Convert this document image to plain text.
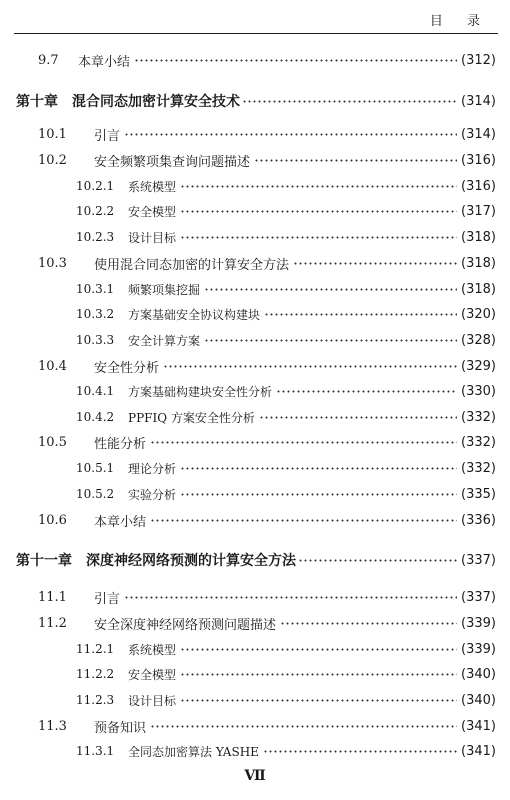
目 录
9.7	本章小结	(312)
第十章 混合同态加密计算安全技术	(314)
10.1	引言	(314)
10.2	安全频繁项集查询问题描述	(316)
10.2.1	系统模型	(316)
10.2.2	安全模型	(317)
10.2.3	设计目标	(318)
10.3	使用混合同态加密的计算安全方法	(318)
10.3.1	频繁项集挖掘	(318)
10.3.2	方案基础安全协议构建块	(320)
10.3.3	安全计算方案	(328)
10.4	安全性分析	(329)
10.4.1	方案基础构建块安全性分析	(330)
10.4.2	PPFIQ 方案安全性分析	(332)
10.5	性能分析	(332)
10.5.1	理论分析	(332)
10.5.2	实验分析	(335)
10.6	本章小结	(336)
第十一章 深度神经网络预测的计算安全方法	(337)
11.1	引言	(337)
11.2	安全深度神经网络预测问题描述	(339)
11.2.1	系统模型	(339)
11.2.2	安全模型	(340)
11.2.3	设计目标	(340)
11.3	预备知识	(341)
11.3.1	全同态加密算法 YASHE	(341)
Ⅶ
